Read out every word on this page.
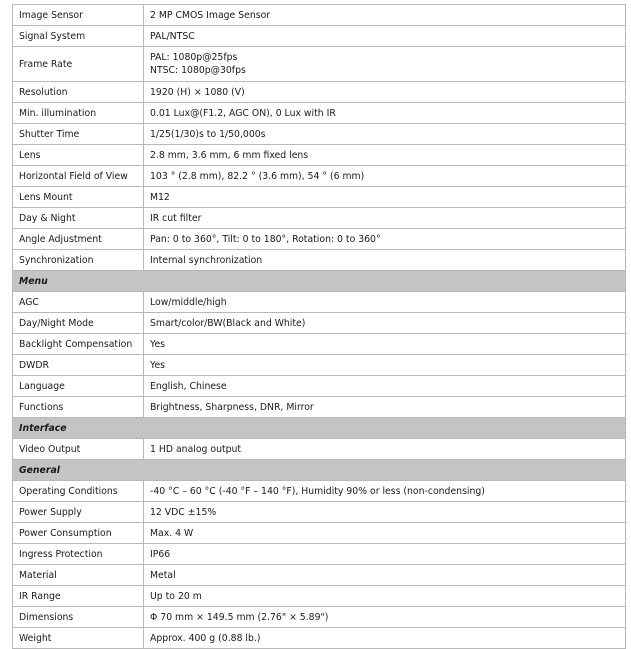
Image Sensor	2 MP CMOS Image Sensor

Signal System	PAL/NTSC

Frame Rate	PAL: 1080p@25fps
NTSC: 1080p@30fps

Resolution	1920 (H) × 1080 (V)

Min. illumination	0.01 Lux@(F1.2, AGC ON), 0 Lux with IR

Shutter Time	1/25(1/30)s to 1/50,000s

Lens	2.8 mm, 3.6 mm, 6 mm fixed lens

Horizontal Field of View	103 ° (2.8 mm), 82.2 ° (3.6 mm), 54 ° (6 mm)

Lens Mount	M12

Day & Night	IR cut filter

Angle Adjustment	Pan: 0 to 360°, Tilt: 0 to 180°, Rotation: 0 to 360°

Synchronization	Internal synchronization

Menu	
AGC	Low/middle/high

Day/Night Mode	Smart/color/BW(Black and White)

Backlight Compensation	Yes

DWDR	Yes

Language	English, Chinese

Functions	Brightness, Sharpness, DNR, Mirror

Interface	
Video Output	1 HD analog output

General	
Operating Conditions	-40 °C – 60 °C (-40 °F – 140 °F), Humidity 90% or less (non-condensing)

Power Supply	12 VDC ±15%

Power Consumption	Max. 4 W

Ingress Protection	IP66

Material	Metal

IR Range	Up to 20 m

Dimensions	Φ 70 mm × 149.5 mm (2.76" × 5.89")

Weight	Approx. 400 g (0.88 lb.)
